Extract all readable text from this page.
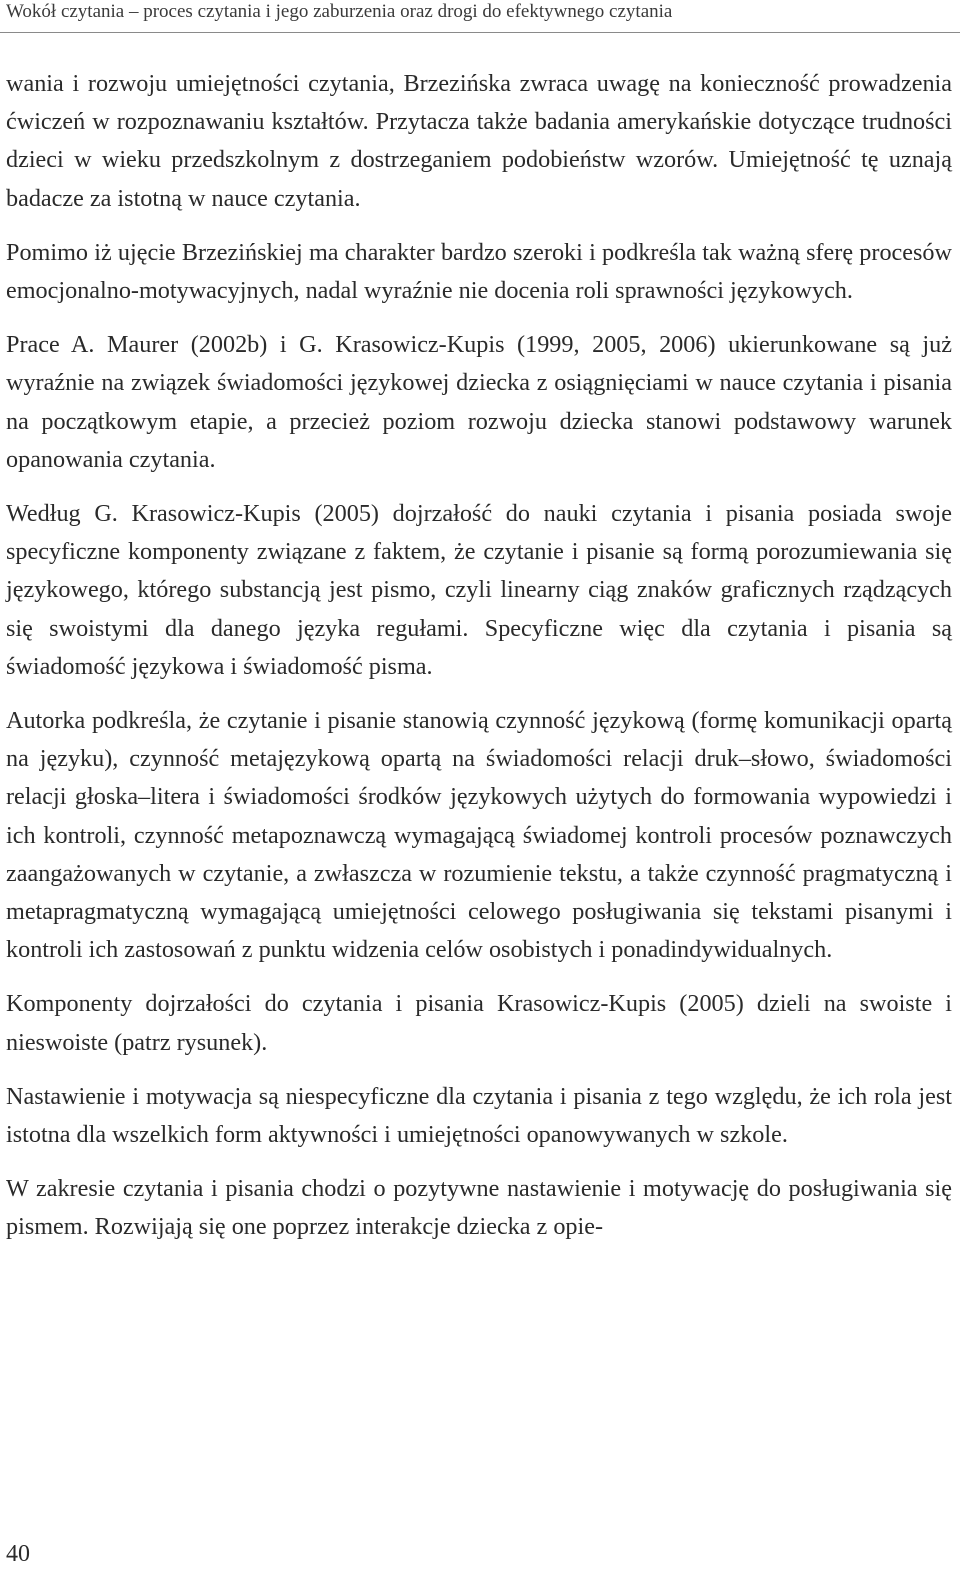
Wokół czytania – proces czytania i jego zaburzenia oraz drogi do efektywnego czytania

wania i rozwoju umiejętności czytania, Brzezińska zwraca uwagę na konieczność prowadzenia ćwiczeń w rozpoznawaniu kształtów. Przytacza także badania amerykańskie dotyczące trudności dzieci w wieku przedszkolnym z dostrzeganiem podobieństw wzorów. Umiejętność tę uznają badacze za istotną w nauce czytania.

Pomimo iż ujęcie Brzezińskiej ma charakter bardzo szeroki i podkreśla tak ważną sferę procesów emocjonalno-motywacyjnych, nadal wyraźnie nie docenia roli sprawności językowych.

Prace A. Maurer (2002b) i G. Krasowicz-Kupis (1999, 2005, 2006) ukierunkowane są już wyraźnie na związek świadomości językowej dziecka z osiągnięciami w nauce czytania i pisania na początkowym etapie, a przecież poziom rozwoju dziecka stanowi podstawowy warunek opanowania czytania.

Według G. Krasowicz-Kupis (2005) dojrzałość do nauki czytania i pisania posiada swoje specyficzne komponenty związane z faktem, że czytanie i pisanie są formą porozumiewania się językowego, którego substancją jest pismo, czyli linearny ciąg znaków graficznych rządzących się swoistymi dla danego języka regułami. Specyficzne więc dla czytania i pisania są świadomość językowa i świadomość pisma.

Autorka podkreśla, że czytanie i pisanie stanowią czynność językową (formę komunikacji opartą na języku), czynność metajęzykową opartą na świadomości relacji druk–słowo, świadomości relacji głoska–litera i świadomości środków językowych użytych do formowania wypowiedzi i ich kontroli, czynność metapoznawczą wymagającą świadomej kontroli procesów poznawczych zaangażowanych w czytanie, a zwłaszcza w rozumienie tekstu, a także czynność pragmatyczną i metapragmatyczną wymagającą umiejętności celowego posługiwania się tekstami pisanymi i kontroli ich zastosowań z punktu widzenia celów osobistych i ponadindywidualnych.

Komponenty dojrzałości do czytania i pisania Krasowicz-Kupis (2005) dzieli na swoiste i nieswoiste (patrz rysunek).

Nastawienie i motywacja są niespecyficzne dla czytania i pisania z tego względu, że ich rola jest istotna dla wszelkich form aktywności i umiejętności opanowywanych w szkole.

W zakresie czytania i pisania chodzi o pozytywne nastawienie i motywację do posługiwania się pismem. Rozwijają się one poprzez interakcje dziecka z opie-

40
